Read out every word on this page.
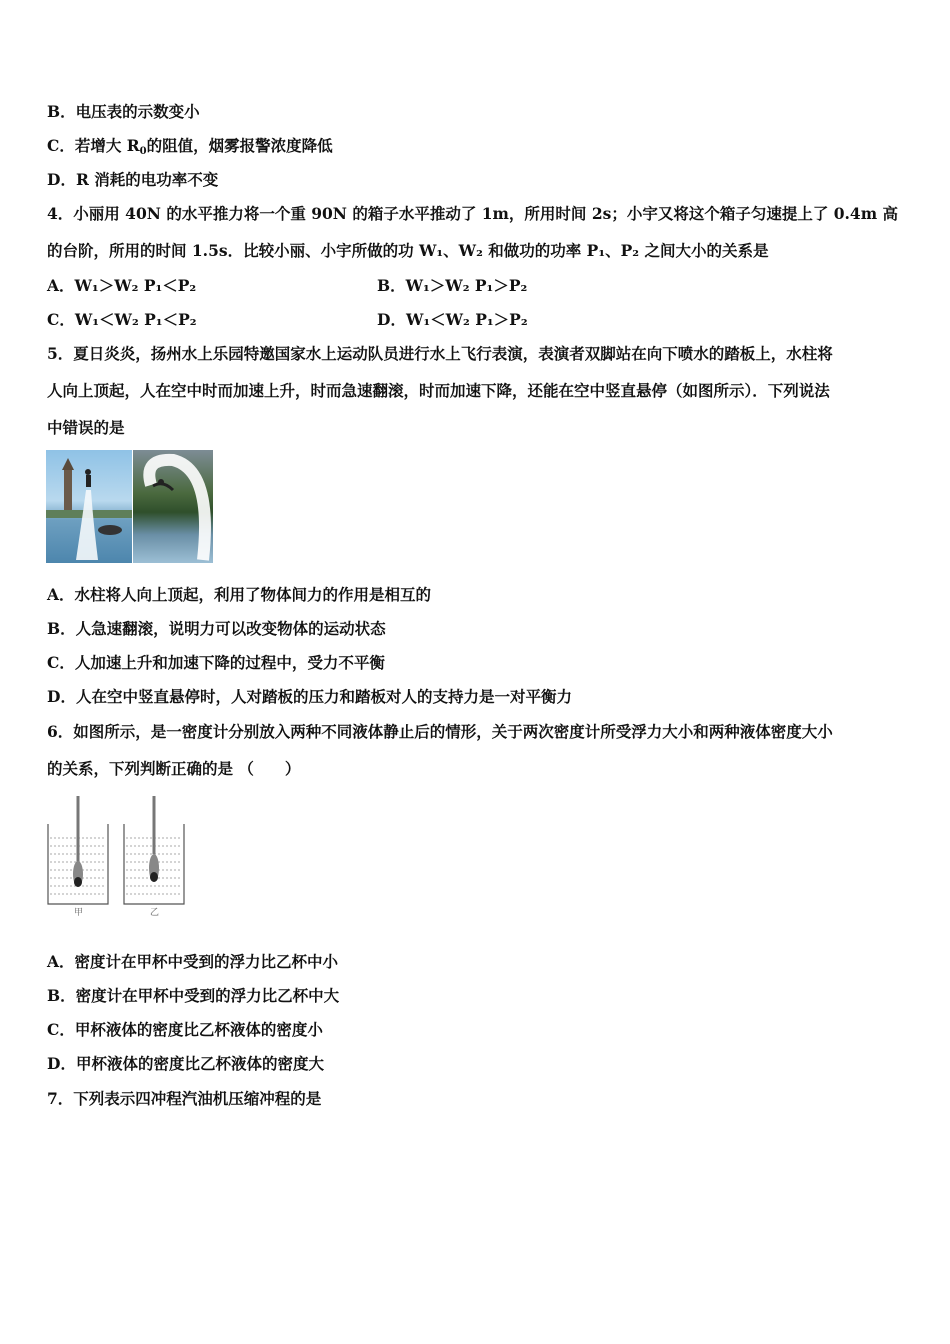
B．电压表的示数变小
C．若增大 $R_0$的阻值，烟雾报警浓度降低
D．R 消耗的电功率不变
4．小丽用 40N 的水平推力将一个重 90N 的箱子水平推动了 1m，所用时间 2s；小宇又将这个箱子匀速提上了 0.4m 高
的台阶，所用的时间 1.5s．比较小丽、小宇所做的功 W₁、W₂ 和做功的功率 P₁、P₂ 之间大小的关系是
A．W₁＞W₂ P₁＜P₂	B．W₁＞W₂ P₁＞P₂
C．W₁＜W₂ P₁＜P₂	D．W₁＜W₂ P₁＞P₂
5．夏日炎炎，扬州水上乐园特邀国家水上运动队员进行水上飞行表演，表演者双脚站在向下喷水的踏板上，水柱将
人向上顶起，人在空中时而加速上升，时而急速翻滚，时而加速下降，还能在空中竖直悬停（如图所示）．下列说法
中错误的是
A．水柱将人向上顶起，利用了物体间力的作用是相互的
B．人急速翻滚，说明力可以改变物体的运动状态
C．人加速上升和加速下降的过程中，受力不平衡
D．人在空中竖直悬停时，人对踏板的压力和踏板对人的支持力是一对平衡力
6．如图所示，是一密度计分别放入两种不同液体静止后的情形，关于两次密度计所受浮力大小和两种液体密度大小
的关系，下列判断正确的是 （　　）
甲	乙
A．密度计在甲杯中受到的浮力比乙杯中小
B．密度计在甲杯中受到的浮力比乙杯中大
C．甲杯液体的密度比乙杯液体的密度小
D．甲杯液体的密度比乙杯液体的密度大
7．下列表示四冲程汽油机压缩冲程的是
